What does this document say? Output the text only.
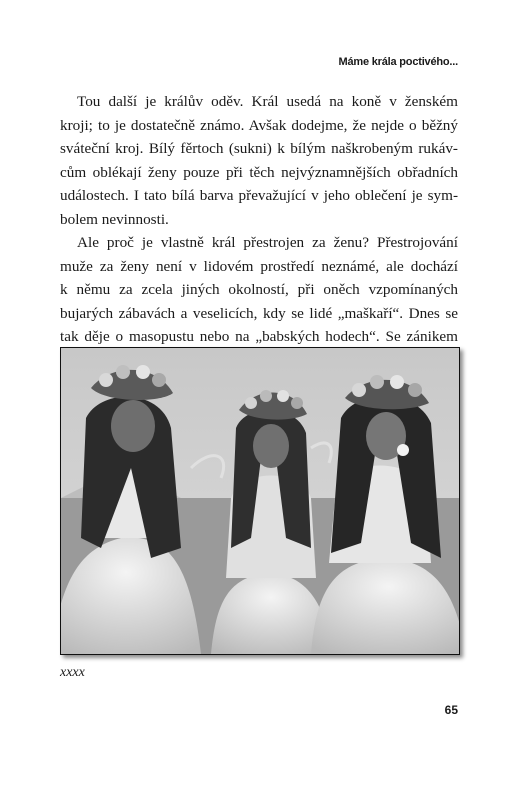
Máme krála poctivého...

Tou další je králův oděv. Král usedá na koně v ženském
kroji; to je dostatečně známo. Avšak dodejme, že nejde o běžný
sváteční kroj. Bílý fěrtoch (sukni) k bílým naškrobeným rukáv-
cům oblékají ženy pouze při těch nejvýznamnějších obřadních
událostech. I tato bílá barva převažující v jeho oblečení je sym-
bolem nevinnosti.

Ale proč je vlastně král přestrojen za ženu? Přestrojování
muže za ženy není v lidovém prostředí neznámé, ale dochází
k němu za zcela jiných okolností, při oněch vzpomínaných
bujarých zábavách a veselicích, kdy se lidé „maškaří“. Dnes se
tak děje o masopustu nebo na „babských hodech“. Se zánikem

xxxx
65
